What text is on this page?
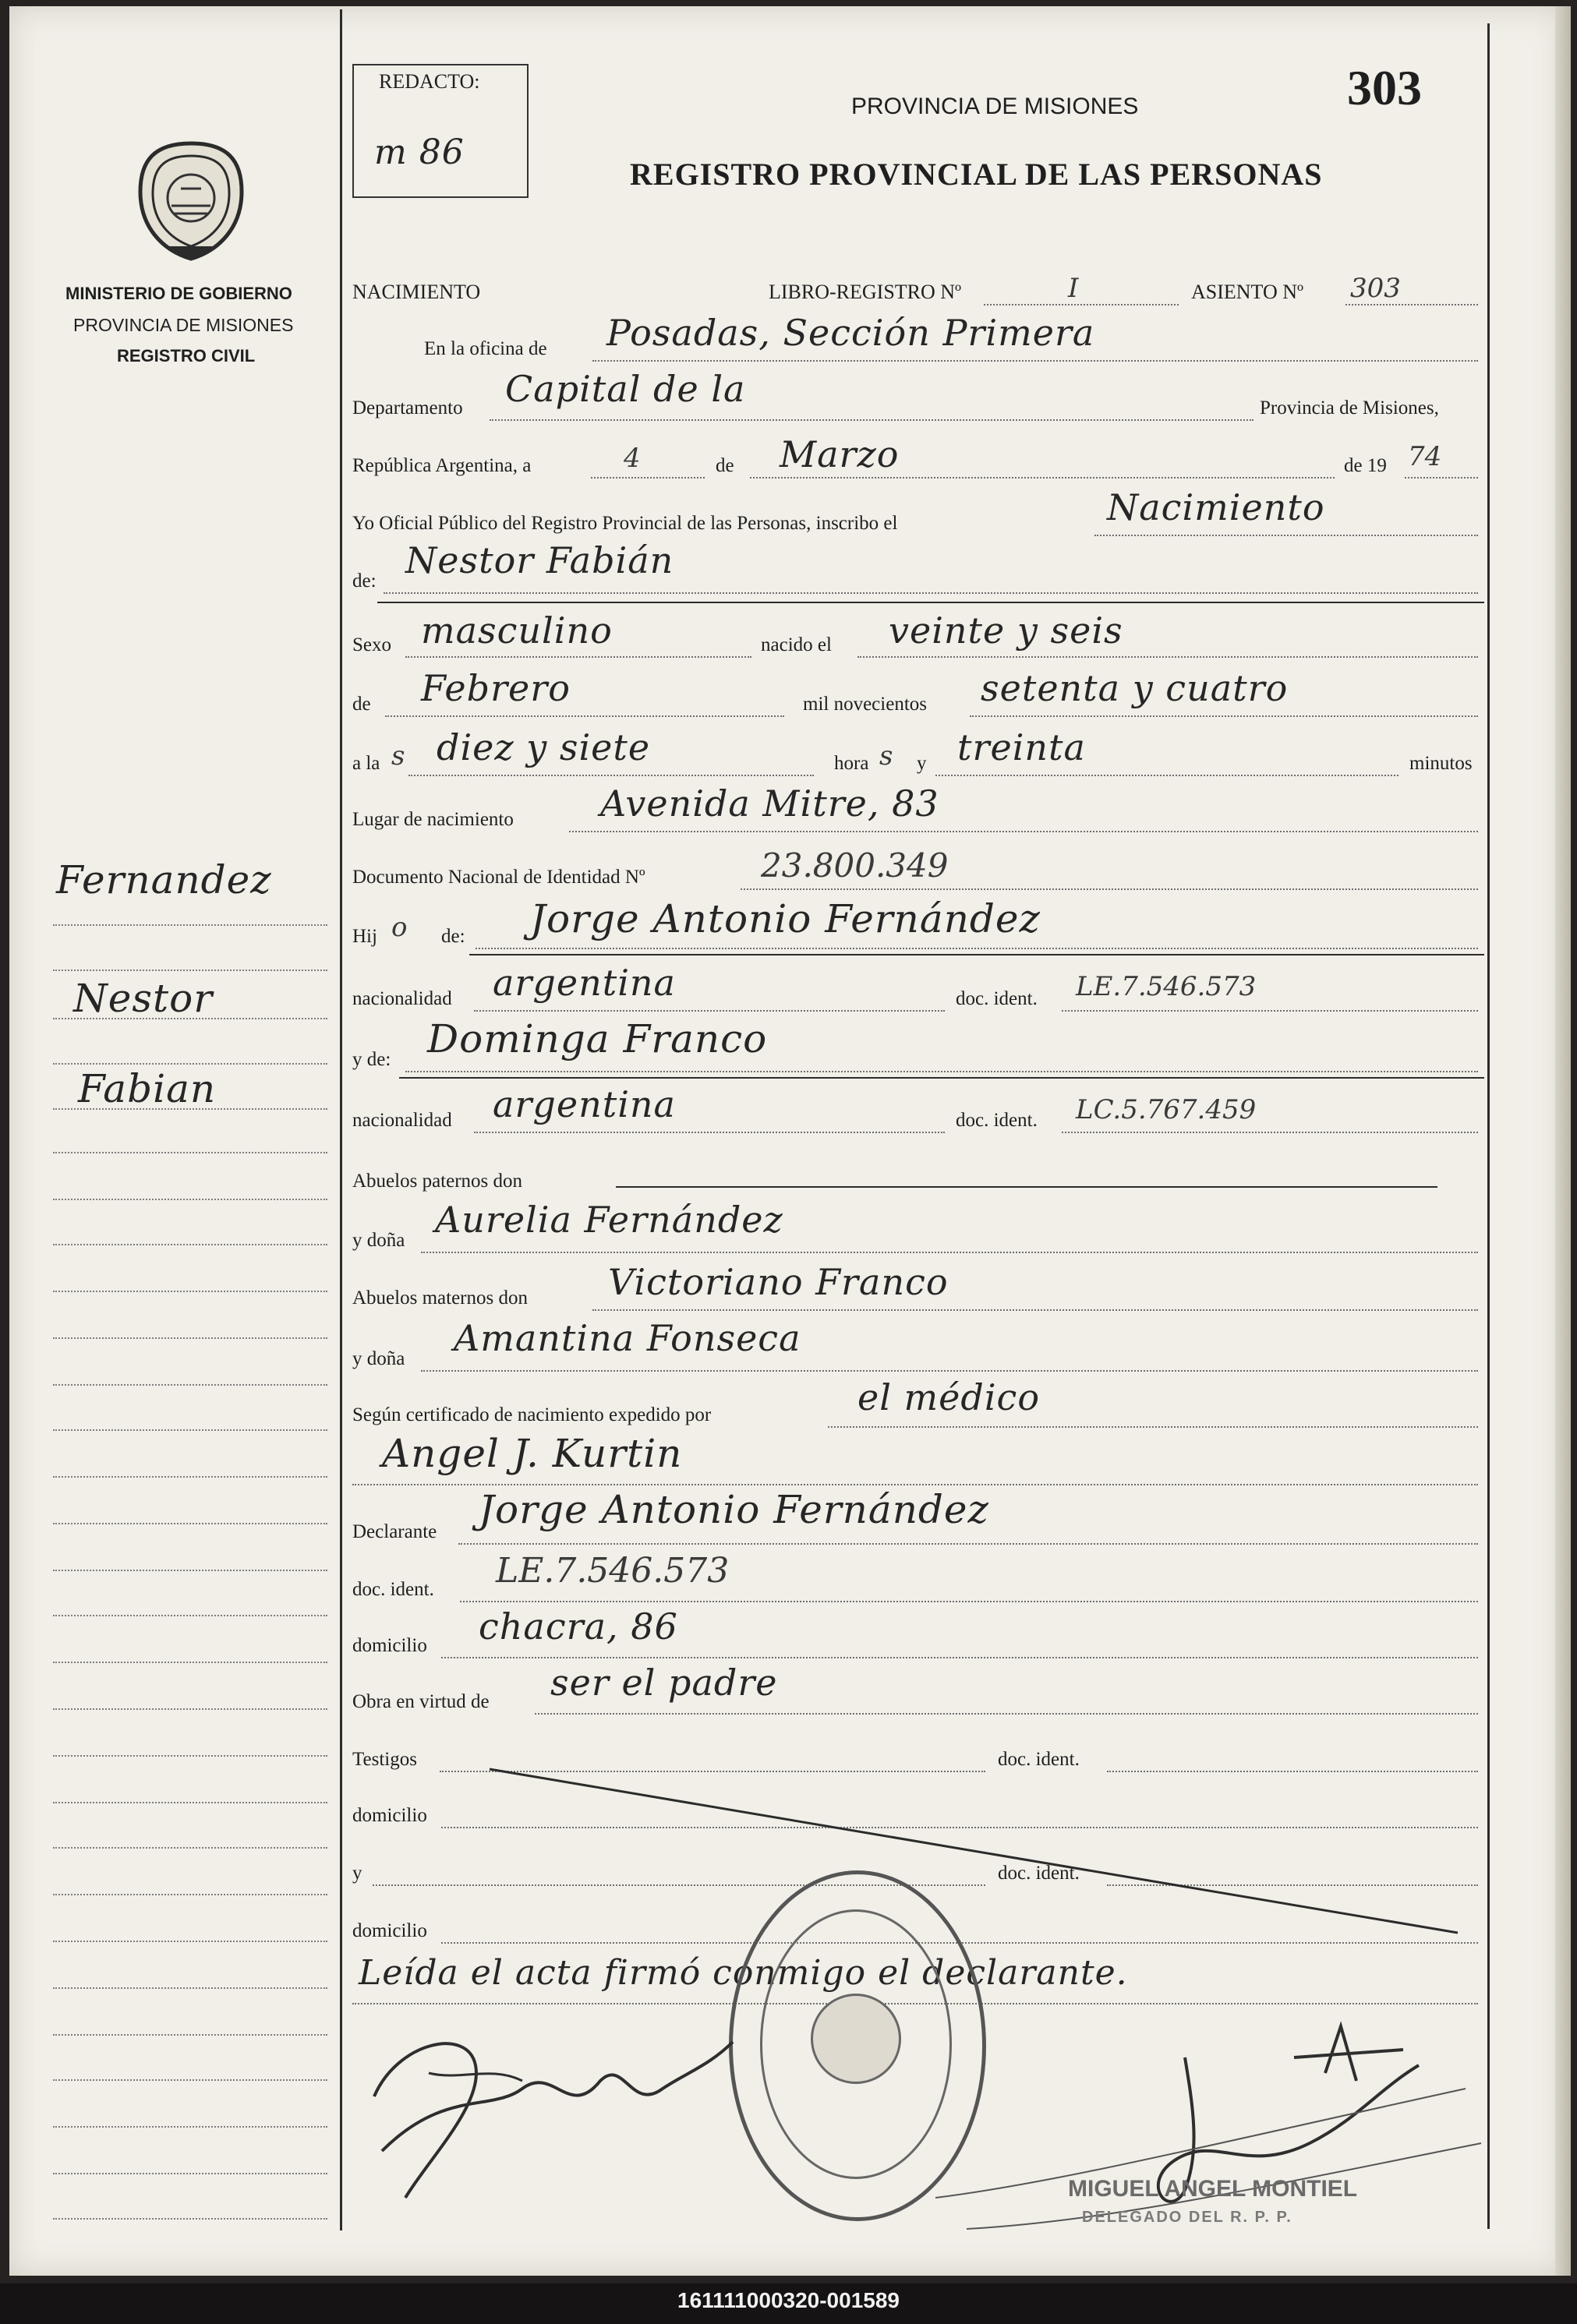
REDACTO:
m 86
303
PROVINCIA DE MISIONES
REGISTRO PROVINCIAL DE LAS PERSONAS
MINISTERIO DE GOBIERNO
PROVINCIA DE MISIONES
REGISTRO CIVIL
Fernandez
Nestor
Fabian
NACIMIENTO	LIBRO-REGISTRO Nº	I	ASIENTO Nº 303
En la oficina de Posadas, Sección Primera
Departamento Capital de la	Provincia de Misiones,
República Argentina, a	4	de Marzo	de 19 74
Yo Oficial Público del Registro Provincial de las Personas, inscribo el	Nacimiento
de: Nestor Fabián
Sexo masculino	nacido el veinte y seis
de Febrero	mil novecientos setenta y cuatro
a la s diez y siete	hora s y treinta	minutos
Lugar de nacimiento Avenida Mitre, 83
Documento Nacional de Identidad Nº	23.800.349
Hij o de: Jorge Antonio Fernández
nacionalidad argentina	doc. ident. LE.7.546.573
y de: Dominga Franco
nacionalidad argentina	doc. ident. LC.5.767.459
Abuelos paternos don
y doña Aurelia Fernández
Abuelos maternos don Victoriano Franco
y doña Amantina Fonseca
Según certificado de nacimiento expedido por	el médico
Angel J. Kurtin
Declarante Jorge Antonio Fernández
doc. ident. LE.7.546.573
domicilio chacra, 86
Obra en virtud de ser el padre
Testigos	doc. ident.
domicilio
y	doc. ident.
domicilio
Leída el acta firmó conmigo el declarante.
MIGUEL ANGEL MONTIEL
DELEGADO DEL R. P. P.
161111000320-001589
